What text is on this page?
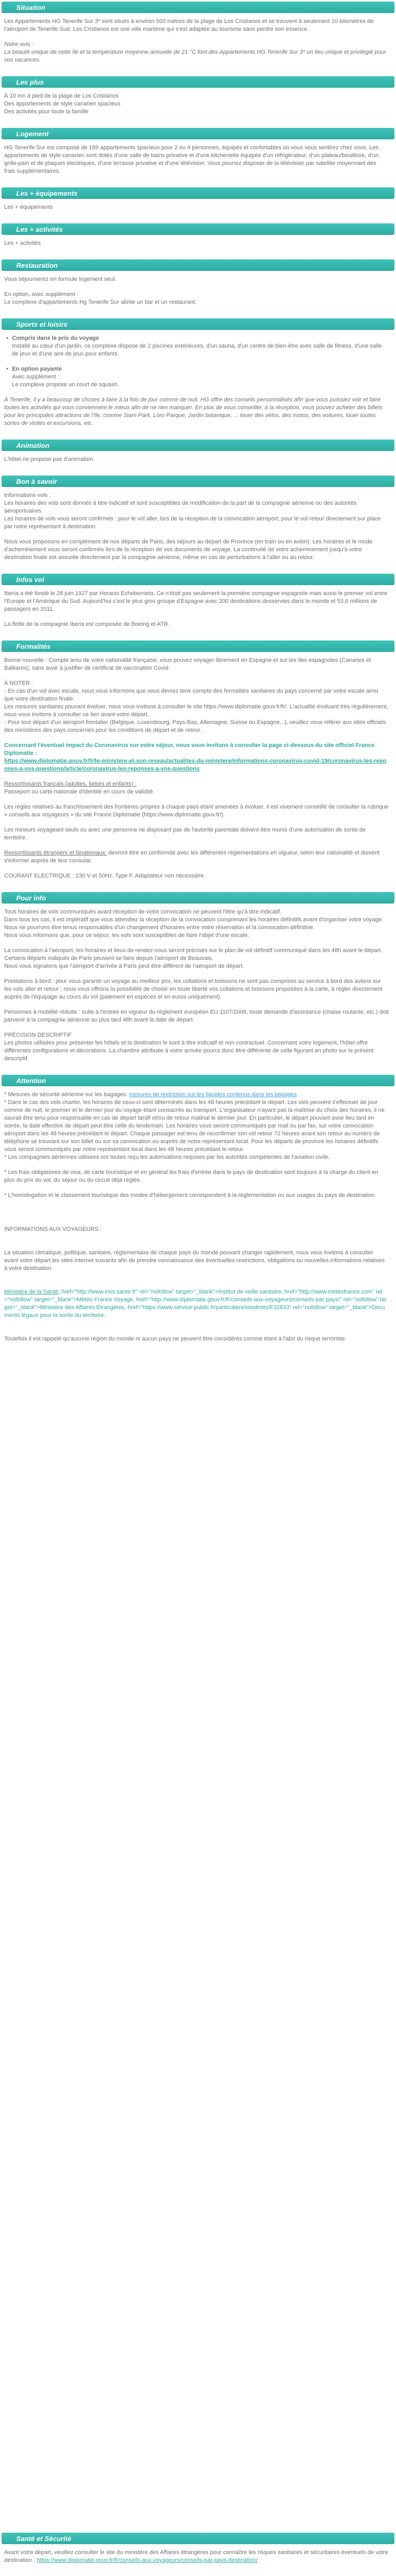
Situation

Les Appartements HG Tenerife Sur 3* sont situés à environ 500 mètres de la plage de Los Cristianos et se trouvent à seulement 10 kilomètres de l'aéroport de Tenerife Sud. Los Cristianos est une ville maritime qui s'est adaptée au tourisme sans perdre son essence.

Notre avis :

La beauté unique de cette île et la température moyenne annuelle de 21 °C font des Appartements HG Tenerife Sur 3* un lieu unique et privilégié pour vos vacances.

Les plus

À 10 mn à pied de la plage de Los Cristianos

Des appartements de style canarien spacieux

Des activités pour toute la famille

Logement

HG Tenerife Sur est composé de 189 appartements spacieux pour 2 ou 4 personnes, équipés et confortables où vous vous sentirez chez vous. Les appartements de style canarien sont dotés d'une salle de bains privative et d'une kitchenette équipée d'un réfrigérateur, d'un plateau/bouilloire, d'un grille-pain et de plaques électriques, d'une terrasse privative et d'une télévision. Vous pourrez disposer de la télévision par satellite moyennant des frais supplémentaires.

Les + équipements

Les + équipements

Les + activités

Les + activités

Restauration

Vous séjournerez en formule logement seul.

En option, avec supplément :

Le complexe d'appartements Hg Tenerife Sur abrite un bar et un restaurant.

Sports et loisirs

• Compris dans le prix du voyage

Installé au cœur d'un jardin, ce complexe dispose de 2 piscines extérieures, d'un sauna, d'un centre de bien-être avec salle de fitness, d'une salle de jeux et d'une aire de jeux pour enfants.

• En option payante

Avec supplément :

Le complexe propose un court de squash.

À Tenerife, il y a beaucoup de choses à faire à la fois de jour comme de nuit. HG offre des conseils personnalisés afin que vous puissiez voir et faire toutes les activités qui vous conviennent le mieux afin de ne rien manquer. En plus de vous conseiller, à la réception, vous pouvez acheter des billets pour les principales attractions de l'île, comme Siam Park, Loro Parque, Jardin botanique, ... louer des vélos, des motos, des voitures, louer toutes sortes de visites et excursions, etc.

Animation

L'hôtel ne propose pas d'animation.

Bon à savoir

Informations vols :

Les horaires des vols sont donnés à titre indicatif et sont susceptibles de modification de la part de la compagnie aérienne ou des autorités aéroportuaires.

Les horaires de vols vous seront confirmés : pour le vol aller, lors de la réception de la convocation aéroport, pour le vol retour directement sur place par notre représentant à destination.

Nous vous proposons en complément de nos départs de Paris, des séjours au départ de Province (en train ou en avion). Les horaires et le mode d'acheminement vous seront confirmés lors de la réception de vos documents de voyage. La continuité de votre acheminement jusqu'à votre destination finale est assurée directement par la compagnie aérienne, même en cas de perturbations à l'aller ou au retour.

Infos vol

Iberia a été fondé le 28 juin 1927 par Horacio Echeberrieta. Ce n'était pas seulement la première compagnie espagnole mais aussi le premier vol entre l'Europe et l'Amérique du Sud. Aujourd'hui c'est le plus gros groupe d'Espagne avec 200 destinations desservies dans le monde et 53,6 millions de passagers en 2011.

La flotte de la compagnie Iberia est composée de Boeing et ATR.

Formalités

Bonne nouvelle : Compte tenu de votre nationalité française, vous pouvez voyager librement en Espagne et sur les îles espagnoles (Canaries et Baléares), sans avoir à justifier de certificat de vaccination Covid.

À NOTER :

- En cas d'un vol avec escale, nous vous informons que vous devrez tenir compte des formalités sanitaires du pays concerné par votre escale ainsi que votre destination finale.

Les mesures sanitaires pouvant évoluer, nous vous invitons à consulter le site https://www.diplomatie.gouv.fr/fr/. L'actualité évoluant très régulièrement, nous vous invitons à consulter ce lien avant votre départ.

- Pour tout départ d'un aéroport frontalier (Belgique, Luxembourg, Pays-Bas, Allemagne, Suisse ou Espagne...), veuillez vous référer aux sites officiels des ministères des pays concernés pour les conditions de départ et de retour.

Concernant l'éventuel impact du Coronavirus sur votre séjour, nous vous invitons à consulter la page ci-dessous du site officiel France Diplomatie :

https://www.diplomatie.gouv.fr/fr/le-ministere-et-son-reseau/actualites-du-ministere/informations-coronavirus-covid-19/coronavirus-les-reponses-a-vos-questions/article/coronavirus-les-reponses-a-vos-questions

Ressortissants français (adultes, bébés et enfants) :

Passeport ou carte nationale d'identité en cours de validité.

Les règles relatives au franchissement des frontières propres à chaque pays étant amenées à évoluer, il est vivement conseillé de consulter la rubrique « conseils aux voyageurs » du site France Diplomatie (https://www.diplomatie.gouv.fr/).

Les mineurs voyageant seuls ou avec une personne ne disposant pas de l'autorité parentale doivent être munis d'une autorisation de sortie de territoire.

Ressortissants étrangers et binationaux: devront être en conformité avec les différentes réglementations en vigueur, selon leur nationalité et doivent s'informer auprès de leur consulat.

COURANT ELECTRIQUE : 230 V et 50Hz. Type F. Adaptateur non nécessaire.

Pour info

Tous horaires de vols communiqués avant réception de votre convocation ne peuvent l'être qu'à titre indicatif.

Dans tous les cas, il est impératif que vous attendiez la réception de la convocation comprenant les horaires définitifs avant d'organiser votre voyage.

Nous ne pourrons être tenus responsables d'un changement d'horaires entre votre réservation et la convocation définitive.

Nous vous informons que, pour ce séjour, les vols sont susceptibles de faire l'objet d'une escale.

La convocation à l'aéroport, les horaires et lieux de rendez-vous seront précisés sur le plan de vol définitif communiqué dans les 48h avant le départ.

Certains départs indiqués de Paris peuvent se faire depuis l'aéroport de Beauvais.

Nous vous signalons que l'aéroport d'arrivée à Paris peut être différent de l'aéroport de départ.

Prestations à bord : pour vous garantir un voyage au meilleur prix, les collations et boissons ne sont pas comprises au service à bord des avions sur les vols aller et retour ; nous vous offrons la possibilité de choisir en toute liberté vos collations et boissons proposées à la carte, à régler directement auprès de l'équipage au cours du vol (paiement en espèces et en euros uniquement).

Personnes à mobilité réduite : suite à l'entrée en vigueur du règlement européen EU 1107/2006, toute demande d'assistance (chaise roulante, etc.) doit parvenir à la compagnie aérienne au plus tard 48h avant la date de départ.

PRÉCISION DESCRIPTIF

Les photos utilisées pour présenter les hôtels et la destination le sont à titre indicatif et non contractuel. Concernant votre logement, l'hôtel offre différentes configurations et décorations. La chambre attribuée à votre arrivée pourra donc être différente de celle figurant en photo sur le présent descriptif.

Attention

* Mesures de sécurité aérienne sur les bagages: mesures de restriction sur les liquides contenus dans les bagages

* Dans le cas des vols charter, les horaires de ceux-ci sont déterminés dans les 48 heures précédant le départ. Les vols peuvent s'effectuer de jour comme de nuit, le premier et le dernier jour du voyage étant consacrés au transport. L'organisateur n'ayant pas la maîtrise du choix des horaires, il ne saurait être tenu pour responsable en cas de départ tardif et/ou de retour matinal le dernier jour. En particulier, le départ pouvant avoir lieu tard en soirée, la date effective de départ peut être celle du lendemain. Les horaires vous seront communiqués par mail ou par fax, sur votre convocation aéroport dans les 48 heures précédant le départ. Chaque passager est tenu de reconfirmer son vol retour 72 heures avant son retour au numéro de téléphone se trouvant sur son billet ou sur sa convocation ou auprès de notre représentant local. Pour les départs de province les horaires définitifs vous seront communiqués par notre représentant local dans les 48 heures précédant le retour.

* Les compagnies aériennes utilisées ont toutes reçu les autorisations requises par les autorités compétentes de l'aviation civile.

* Les frais obligatoires de visa, de carte touristique et en général les frais d'entrée dans le pays de destination sont toujours à la charge du client en plus du prix du vol, du séjour ou du circuit déjà réglés.

* L'homologation et le classement touristique des modes d'hébergement correspondent à la réglementation ou aux usages du pays de destination.

INFORMATIONS AUX VOYAGEURS :

La situation climatique, politique, sanitaire, réglementaire de chaque pays du monde pouvant changer rapidement, nous vous invitons à consulter avant votre départ les sites internet suivants afin de prendre connaissance des éventuelles restrictions, obligations ou nouvelles informations relatives à votre destination.

Ministère de la Santé; href="http://www.invs.sante.fr" rel="nofollow" target="_blank">Institut de veille sanitaire; href="http://www.meteofrance.com" rel="nofollow" target="_blank">Météo France Voyage, href="http://www.diplomatie.gouv.fr/fr/conseils-aux-voyageurs/conseils-par-pays/" rel="nofollow" target="_blank">Ministère des Affaires Etrangères, href="https://www.service-public.fr/particuliers/vosdroits/F32833" rel="nofollow" target="_blank">Documents légaux pour la sortie du territoire.

Toutefois il est rappelé qu'aucune région du monde ni aucun pays ne peuvent être considérés comme étant à l'abri du risque terroriste.

Santé et Sécurité

Avant votre départ, veuillez consulter le site du ministère des Affaires étrangères pour connaître les risques sanitaires et sécuritaires éventuels de votre destination : https://www.diplomatie.gouv.fr/fr/conseils-aux-voyageurs/conseils-par-pays-destination/
